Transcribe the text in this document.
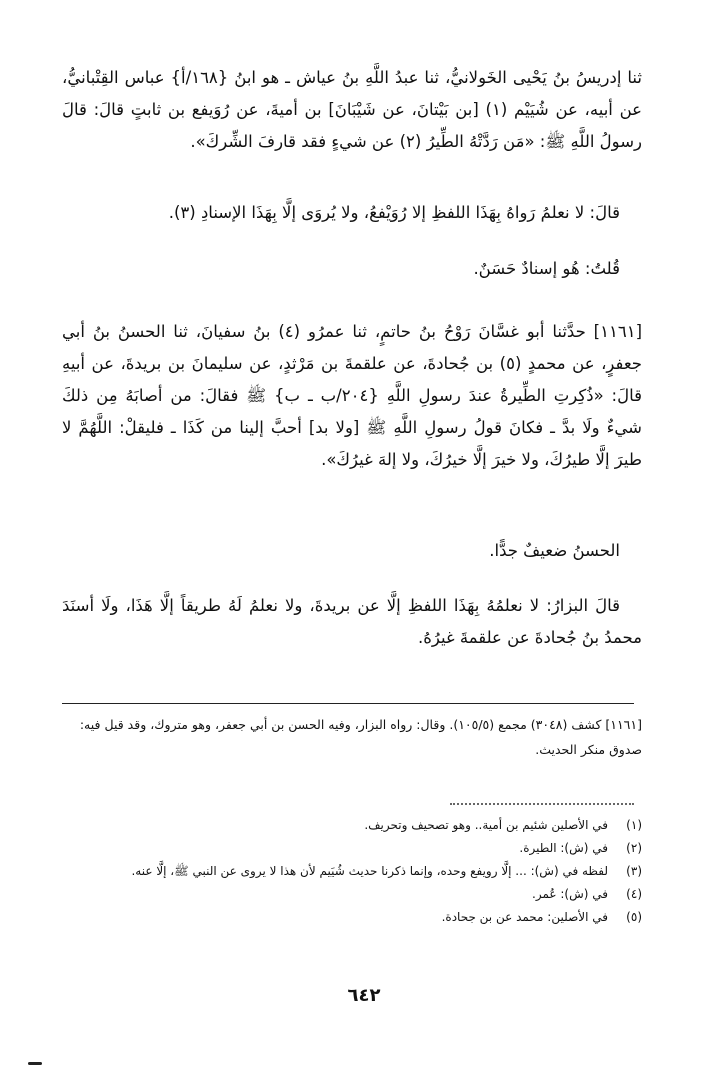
ثنا إدريسُ بنُ يَحْيى الخَولانيُّ، ثنا عبدُ اللَّهِ بنُ عياش ـ هو ابنُ {١٦٨/أ} عباس القِتْبانيُّ، عن أبيه، عن شُيَيْم (١) [بن بَيْتانَ، عن شَيْبَانَ] بن أميةَ، عن رُوَيفع بن ثابتٍ قالَ: قالَ رسولُ اللَّهِ ﷺ: «مَن رَدَّتْهُ الطِّيرُ (٢) عن شيءٍ فقد قارفَ الشِّركَ».

قالَ: لا نعلمُ رَواهُ بِهَذَا اللفظِ إلا رُوَيْفعُ، ولا يُروَى إلَّا بِهَذَا الإسنادِ (٣).

قُلتُ: هُو إسنادٌ حَسَنٌ.

[١١٦١] حدَّثنا أبو غسَّانَ رَوْحُ بنُ حاتمٍ، ثنا عمرُو (٤) بنُ سفيانَ، ثنا الحسنُ بنُ أبي جعفرٍ، عن محمدٍ (٥) بن جُحادةَ، عن علقمةَ بن مَرْثدٍ، عن سليمانَ بن بريدةَ، عن أبيهِ قالَ: «ذُكِرتِ الطِّيرةُ عندَ رسولِ اللَّهِ {٢٠٤/ب ـ ب} ﷺ فقالَ: من أصابَهُ مِن ذلكَ شيءٌ ولَا بدَّ ـ فكانَ قولُ رسولِ اللَّهِ ﷺ [ولا بد] أحبَّ إلينا من كَذَا ـ فليقلْ: اللَّهُمَّ لا طيرَ إلَّا طيرُكَ، ولا خيرَ إلَّا خيرُكَ، ولا إلهَ غيرُكَ».

الحسنُ ضعيفٌ جدًّا.

قالَ البزارُ: لا نعلمُهُ بِهَذَا اللفظِ إلَّا عن بريدةَ، ولا نعلمُ لَهُ طريقاً إلَّا هَذَا، ولَا أسنَدَ محمدُ بنُ جُحادةَ عن علقمةَ غيرُهُ.

[١١٦١] كشف (٣٠٤٨) مجمع (١٠٥/٥). وقال: رواه البزار، وفيه الحسن بن أبي جعفر، وهو متروك، وقد قيل فيه: صدوق منكر الحديث.

(١)
في الأصلين شئيم بن أمية.. وهو تصحيف وتحريف.
(٢)
في (ش): الطيرة.
(٣)
لفظه في (ش): ... إلَّا رويفع وحده، وإنما ذكرنا حديث شُيَيم لأن هذا لا يروى عن النبي ﷺ، إلَّا عنه.
(٤)
في (ش): عُمر.
(٥)
في الأصلين: محمد عن بن جحادة.
٦٤٢
